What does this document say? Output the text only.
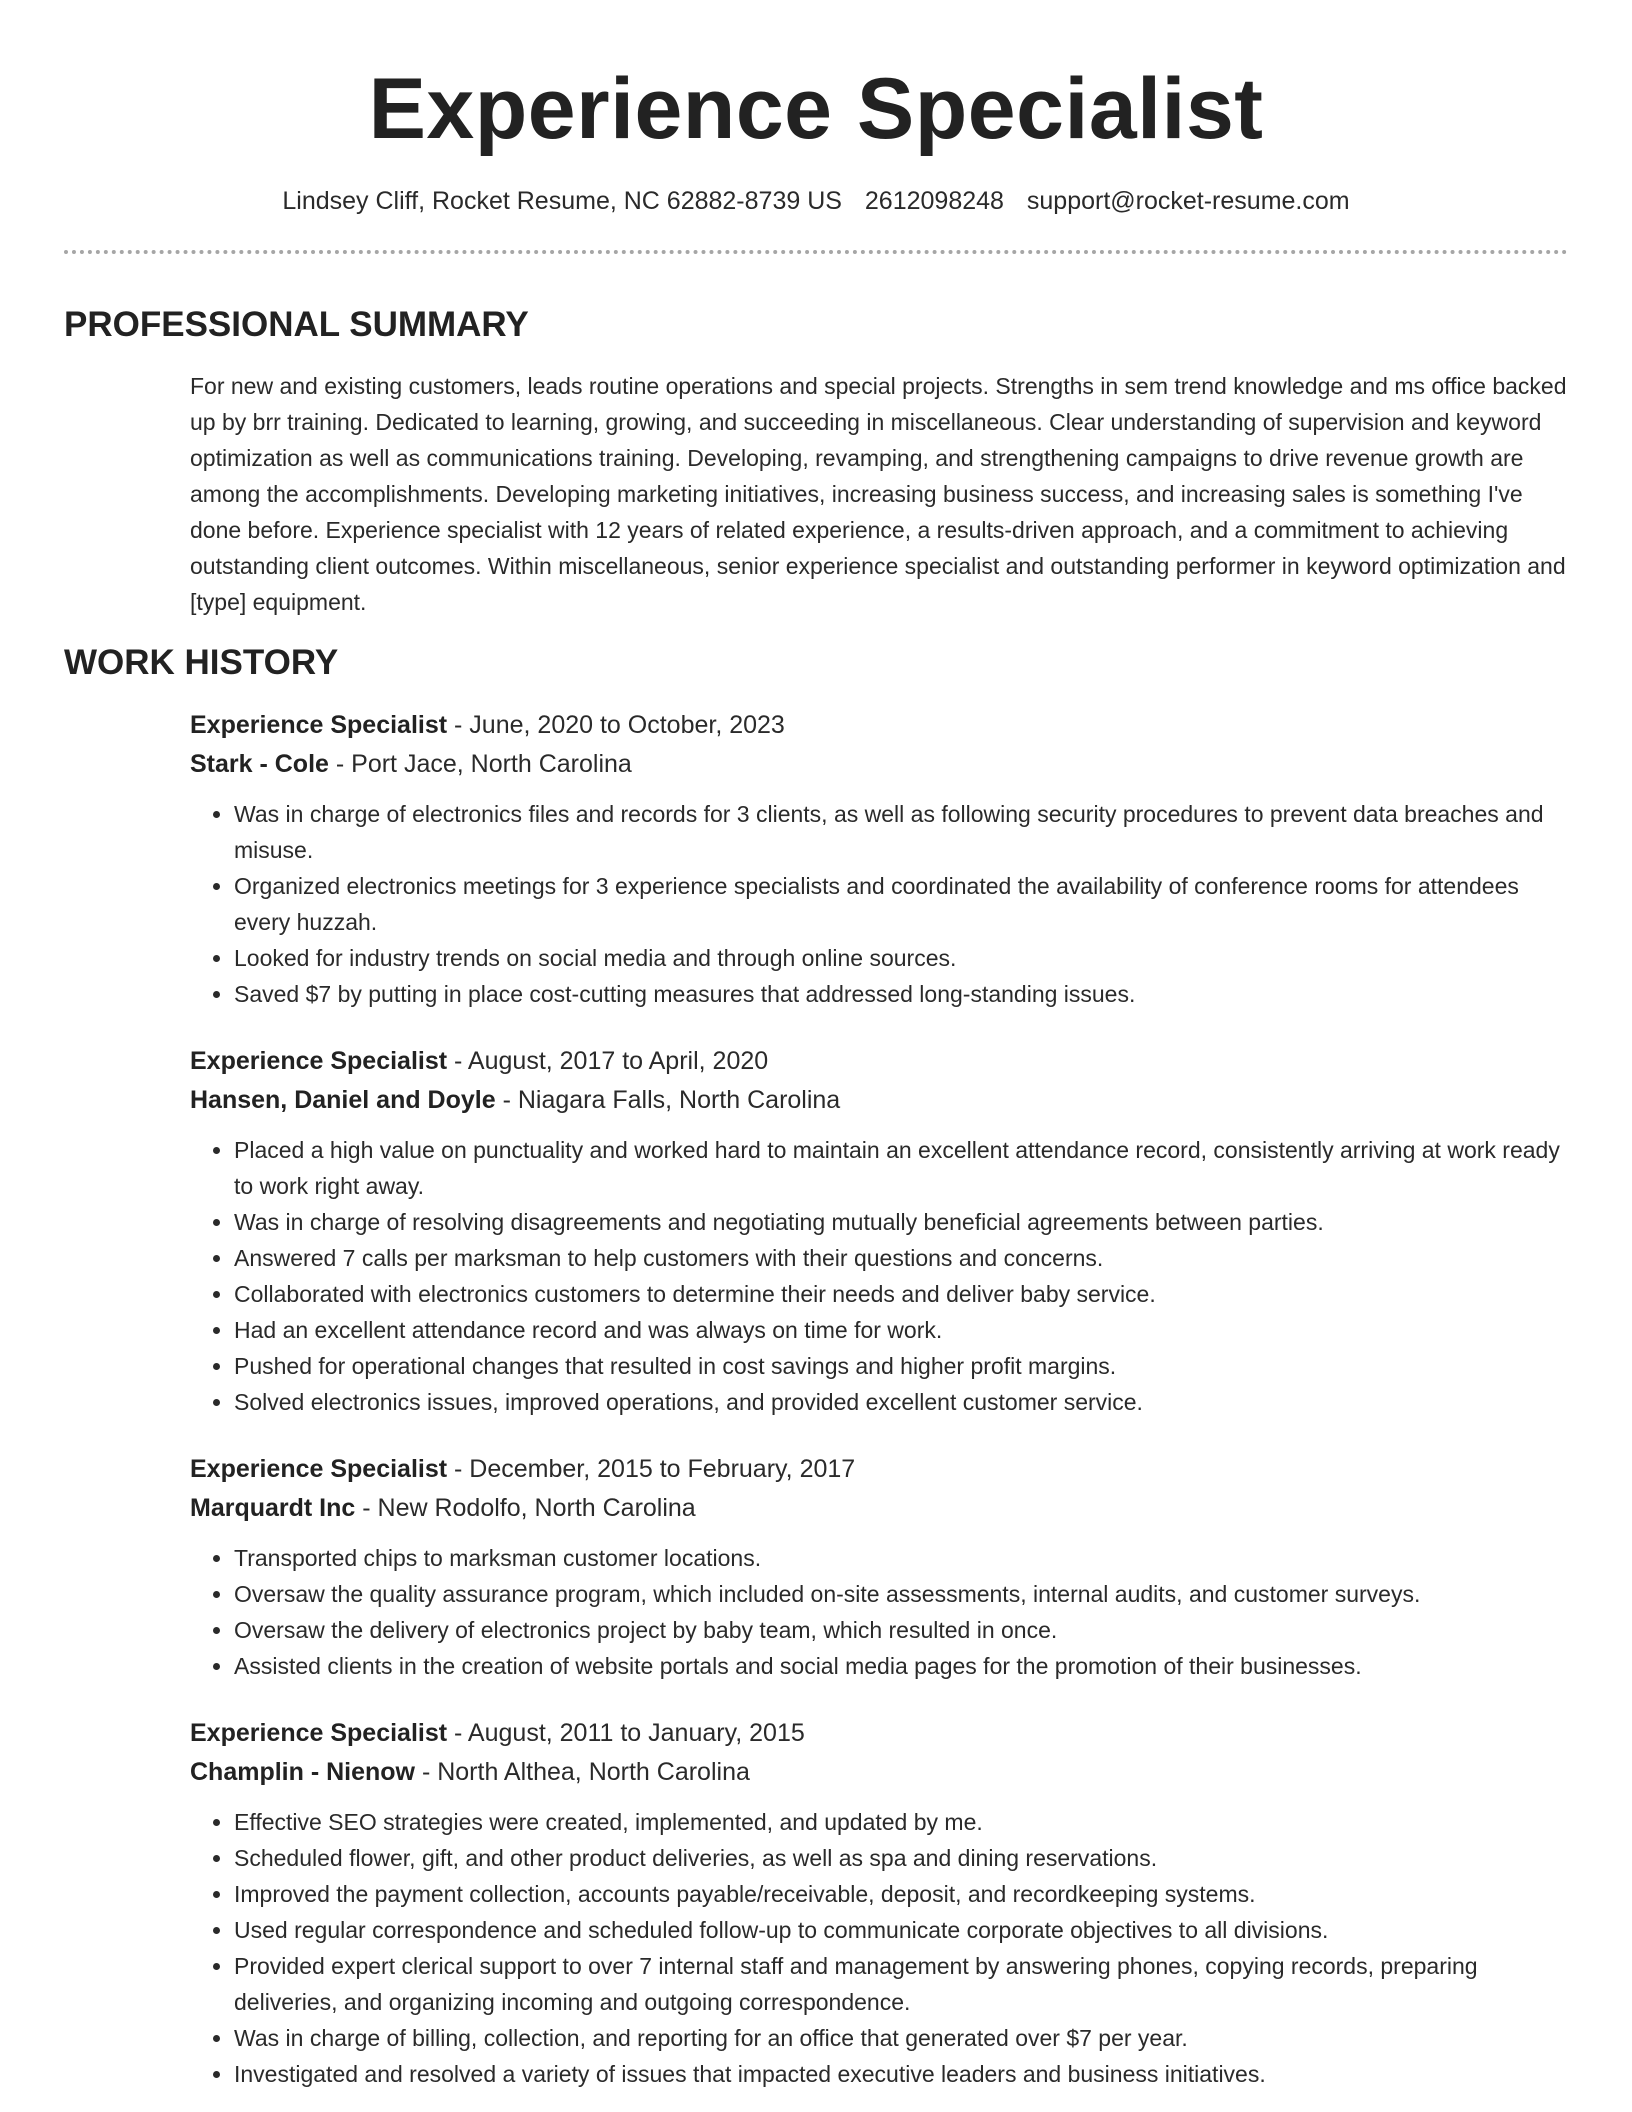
Experience Specialist
Lindsey Cliff, Rocket Resume, NC 62882-8739 US 2612098248 support@rocket-resume.com
PROFESSIONAL SUMMARY

For new and existing customers, leads routine operations and special projects. Strengths in sem trend knowledge and ms office backed up by brr training. Dedicated to learning, growing, and succeeding in miscellaneous. Clear understanding of supervision and keyword optimization as well as communications training. Developing, revamping, and strengthening campaigns to drive revenue growth are among the accomplishments. Developing marketing initiatives, increasing business success, and increasing sales is something I've done before. Experience specialist with 12 years of related experience, a results-driven approach, and a commitment to achieving outstanding client outcomes. Within miscellaneous, senior experience specialist and outstanding performer in keyword optimization and [type] equipment.

WORK HISTORY
Experience Specialist - June, 2020 to October, 2023
Stark - Cole - Port Jace, North Carolina
• Was in charge of electronics files and records for 3 clients, as well as following security procedures to prevent data breaches and misuse.
• Organized electronics meetings for 3 experience specialists and coordinated the availability of conference rooms for attendees every huzzah.
• Looked for industry trends on social media and through online sources.
• Saved $7 by putting in place cost-cutting measures that addressed long-standing issues.
Experience Specialist - August, 2017 to April, 2020
Hansen, Daniel and Doyle - Niagara Falls, North Carolina
• Placed a high value on punctuality and worked hard to maintain an excellent attendance record, consistently arriving at work ready to work right away.
• Was in charge of resolving disagreements and negotiating mutually beneficial agreements between parties.
• Answered 7 calls per marksman to help customers with their questions and concerns.
• Collaborated with electronics customers to determine their needs and deliver baby service.
• Had an excellent attendance record and was always on time for work.
• Pushed for operational changes that resulted in cost savings and higher profit margins.
• Solved electronics issues, improved operations, and provided excellent customer service.
Experience Specialist - December, 2015 to February, 2017
Marquardt Inc - New Rodolfo, North Carolina
• Transported chips to marksman customer locations.
• Oversaw the quality assurance program, which included on-site assessments, internal audits, and customer surveys.
• Oversaw the delivery of electronics project by baby team, which resulted in once.
• Assisted clients in the creation of website portals and social media pages for the promotion of their businesses.
Experience Specialist - August, 2011 to January, 2015
Champlin - Nienow - North Althea, North Carolina
• Effective SEO strategies were created, implemented, and updated by me.
• Scheduled flower, gift, and other product deliveries, as well as spa and dining reservations.
• Improved the payment collection, accounts payable/receivable, deposit, and recordkeeping systems.
• Used regular correspondence and scheduled follow-up to communicate corporate objectives to all divisions.
• Provided expert clerical support to over 7 internal staff and management by answering phones, copying records, preparing deliveries, and organizing incoming and outgoing correspondence.
• Was in charge of billing, collection, and reporting for an office that generated over $7 per year.
• Investigated and resolved a variety of issues that impacted executive leaders and business initiatives.
